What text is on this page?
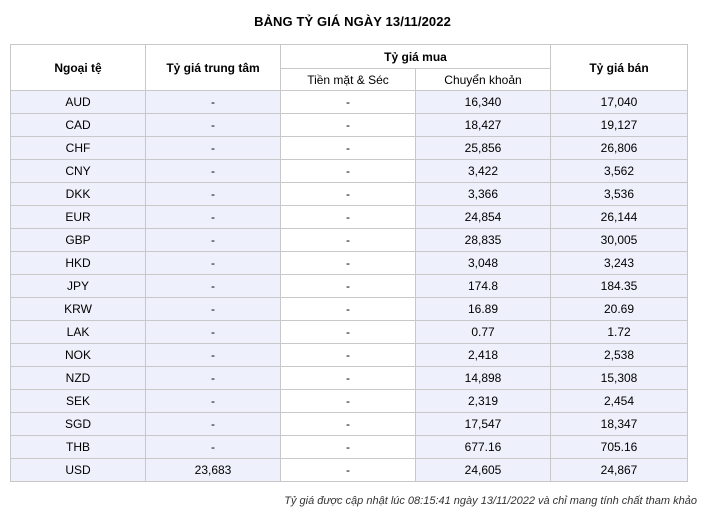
BẢNG TỶ GIÁ NGÀY 13/11/2022
Ngoại tệ	Tỷ giá trung tâm	Tỷ giá mua		Tỷ giá bán
		Tiền mặt & Séc	Chuyển khoản	
AUD	-	-	16,340	17,040
CAD	-	-	18,427	19,127
CHF	-	-	25,856	26,806
CNY	-	-	3,422	3,562
DKK	-	-	3,366	3,536
EUR	-	-	24,854	26,144
GBP	-	-	28,835	30,005
HKD	-	-	3,048	3,243
JPY	-	-	174.8	184.35
KRW	-	-	16.89	20.69
LAK	-	-	0.77	1.72
NOK	-	-	2,418	2,538
NZD	-	-	14,898	15,308
SEK	-	-	2,319	2,454
SGD	-	-	17,547	18,347
THB	-	-	677.16	705.16
USD	23,683	-	24,605	24,867
Tỷ giá được cập nhật lúc 08:15:41 ngày 13/11/2022 và chỉ mang tính chất tham khảo
